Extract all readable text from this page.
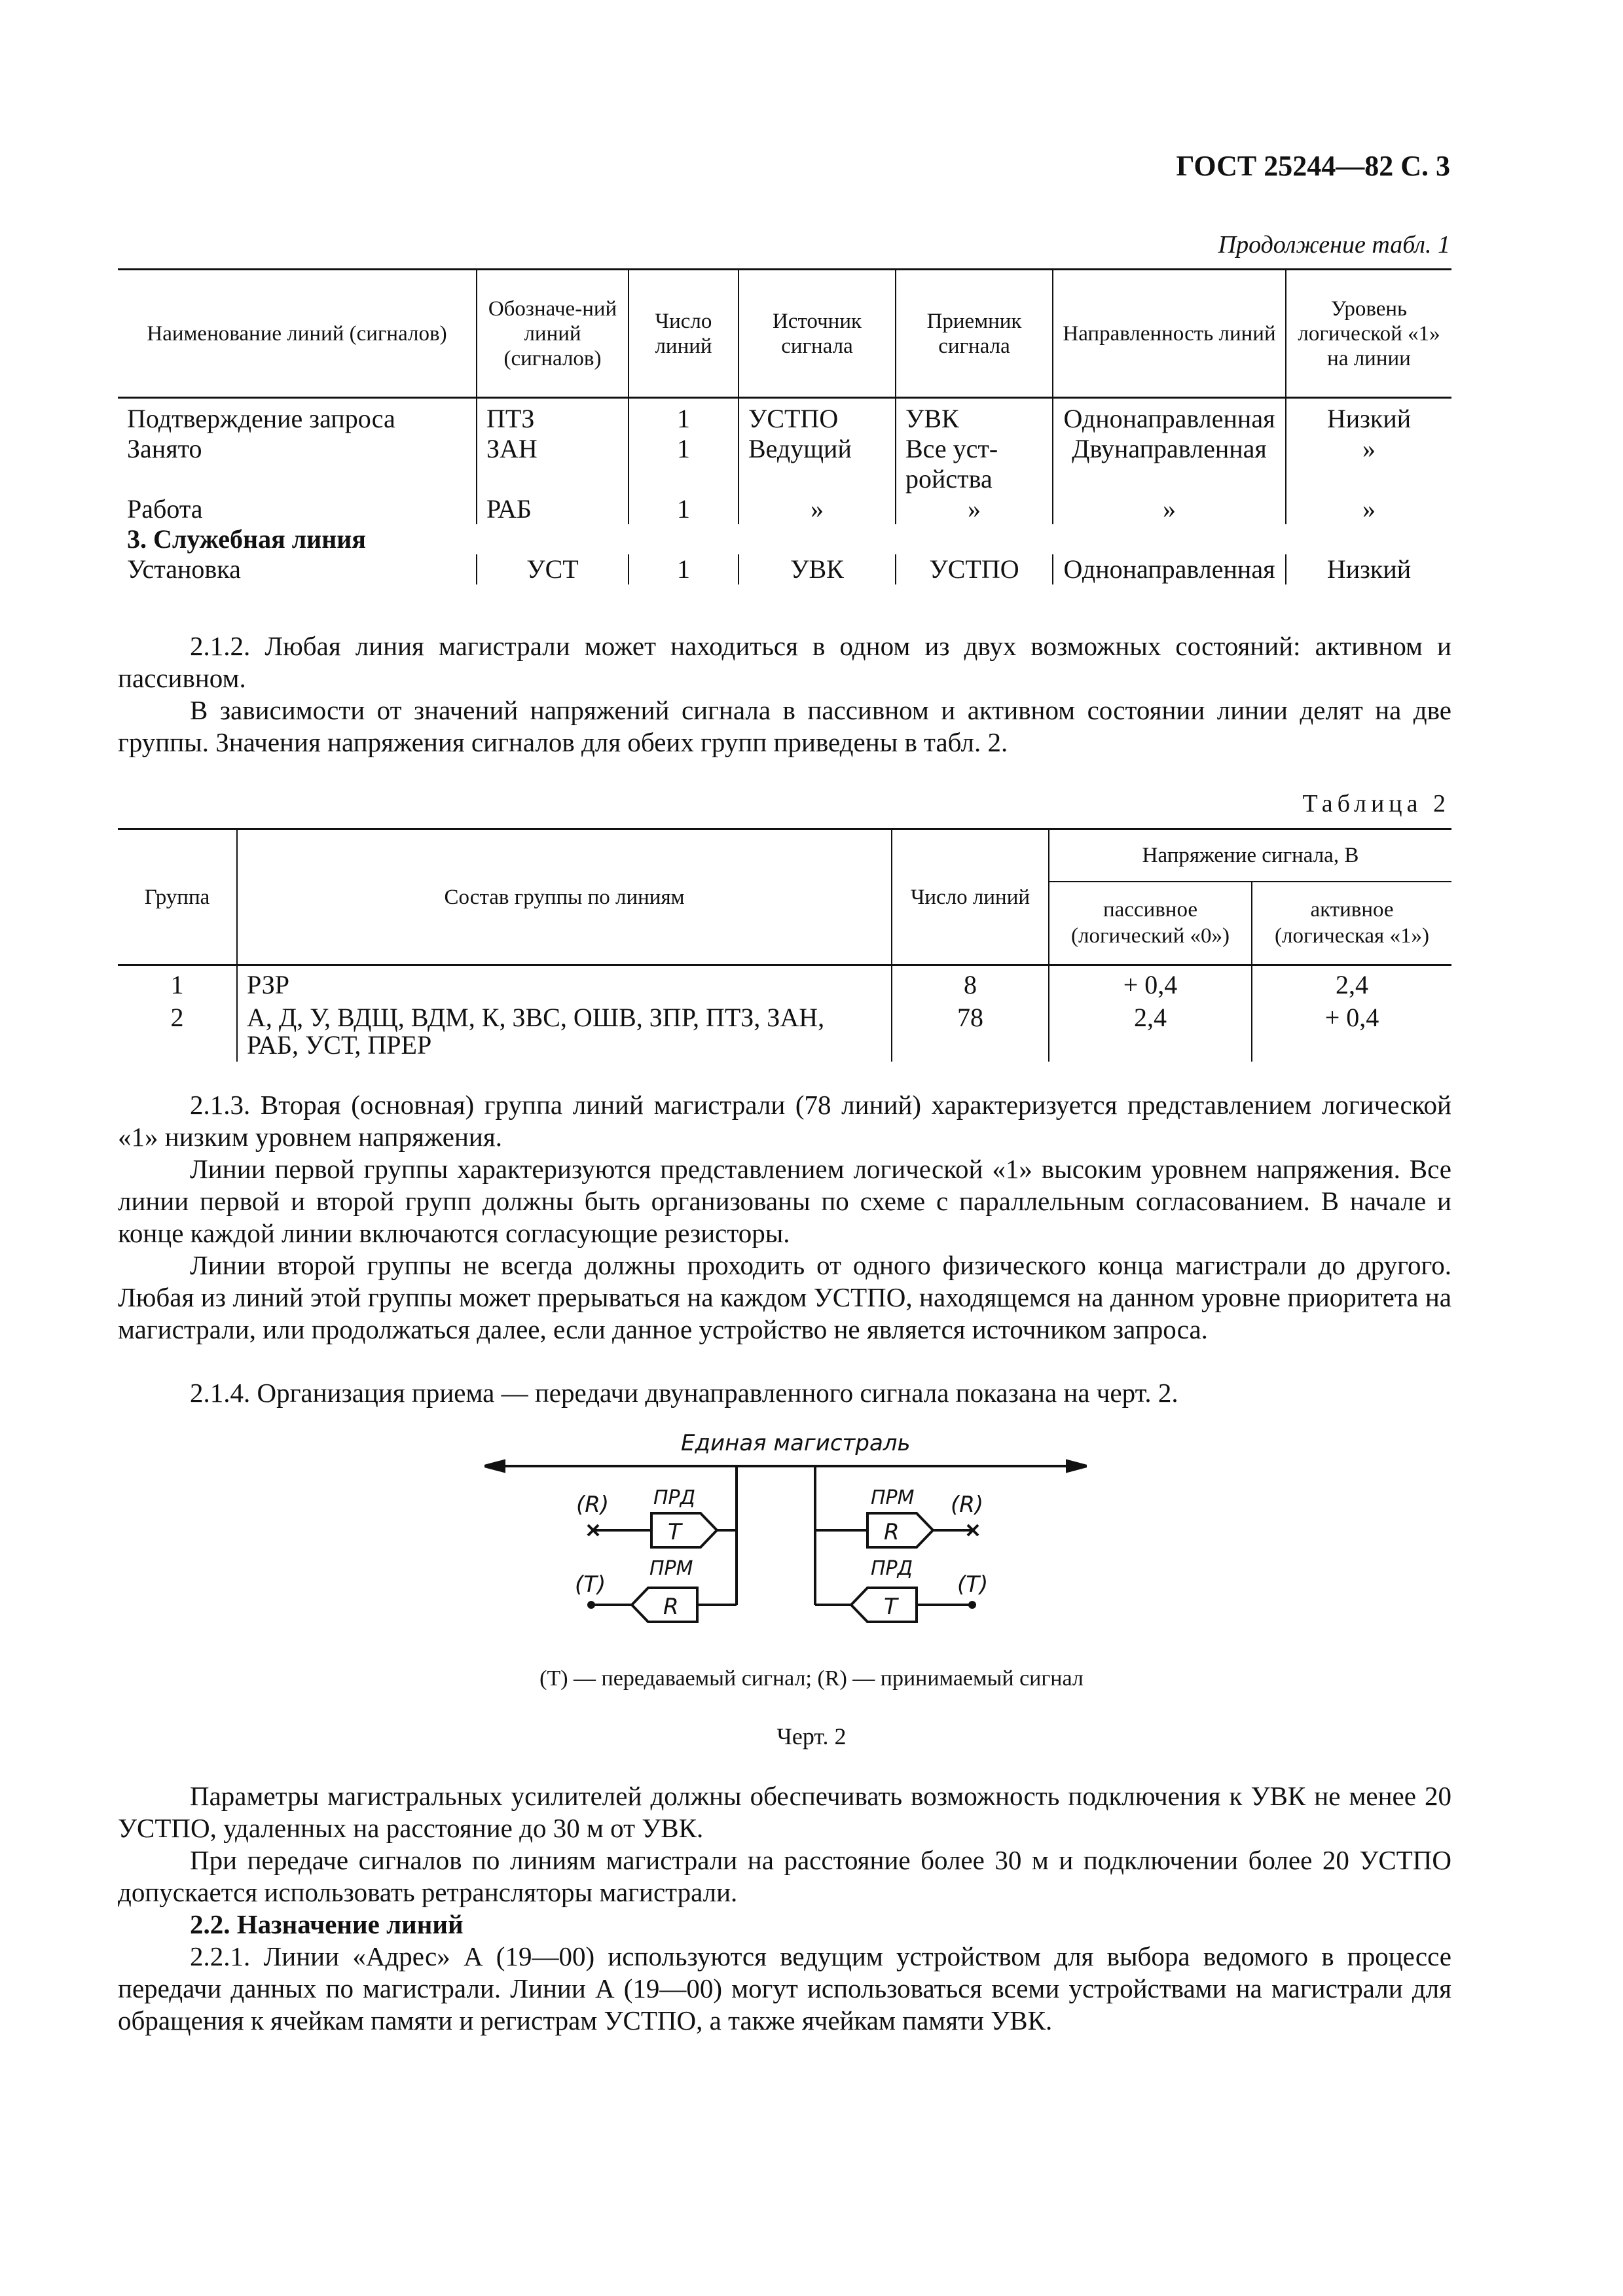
ГОСТ 25244—82 С. 3
Продолжение табл. 1
Наименование линий (сигналов)	Обозначе-ний линий (сигналов)	Число линий	Источник сигнала	Приемник сигнала	Направленность линий	Уровень логической «1» на линии
Подтверждение запроса	ПТЗ	1	УСТПО	УВК	Однонаправленная	Низкий
Занято	ЗАН	1	Ведущий	Все уст-ройства	Двунаправленная	»
Работа	РАБ	1	»	»	»	»
3. Служебная линия						
Установка	УСТ	1	УВК	УСТПО	Однонаправленная	Низкий
2.1.2. Любая линия магистрали может находиться в одном из двух возможных состояний: активном и пассивном.
В зависимости от значений напряжений сигнала в пассивном и активном состоянии линии делят на две группы. Значения напряжения сигналов для обеих групп приведены в табл. 2.
Таблица 2
Группа	Состав группы по линиям	Число линий	Напряжение сигнала, В	
			пассивное (логический «0»)	активное (логическая «1»)
1	РЗР	8	+ 0,4	2,4
2	А, Д, У, ВДЩ, ВДМ, К, ЗВС, ОШВ, ЗПР, ПТЗ, ЗАН, РАБ, УСТ, ПРЕР	78	2,4	+ 0,4
2.1.3. Вторая (основная) группа линий магистрали (78 линий) характеризуется представлением логической «1» низким уровнем напряжения.
Линии первой группы характеризуются представлением логической «1» высоким уровнем напряжения. Все линии первой и второй групп должны быть организованы по схеме с параллельным согласованием. В начале и конце каждой линии включаются согласующие резисторы.
Линии второй группы не всегда должны проходить от одного физического конца магистрали до другого. Любая из линий этой группы может прерываться на каждом УСТПО, находящемся на данном уровне приоритета на магистрали, или продолжаться далее, если данное устройство не является источником запроса.
2.1.4. Организация приема — передачи двунаправленного сигнала показана на черт. 2.
Единая магистраль
ПРД
(R)
T
ПРМ
(T)
R
ПРМ (R)
R
ПРД
(T)
T
(T) — передаваемый сигнал; (R) — принимаемый сигнал
Черт. 2
Параметры магистральных усилителей должны обеспечивать возможность подключения к УВК не менее 20 УСТПО, удаленных на расстояние до 30 м от УВК.
При передаче сигналов по линиям магистрали на расстояние более 30 м и подключении более 20 УСТПО допускается использовать ретрансляторы магистрали.
2.2. Назначение линий
2.2.1. Линии «Адрес» А (19—00) используются ведущим устройством для выбора ведомого в процессе передачи данных по магистрали. Линии А (19—00) могут использоваться всеми устройствами на магистрали для обращения к ячейкам памяти и регистрам УСТПО, а также ячейкам памяти УВК.
